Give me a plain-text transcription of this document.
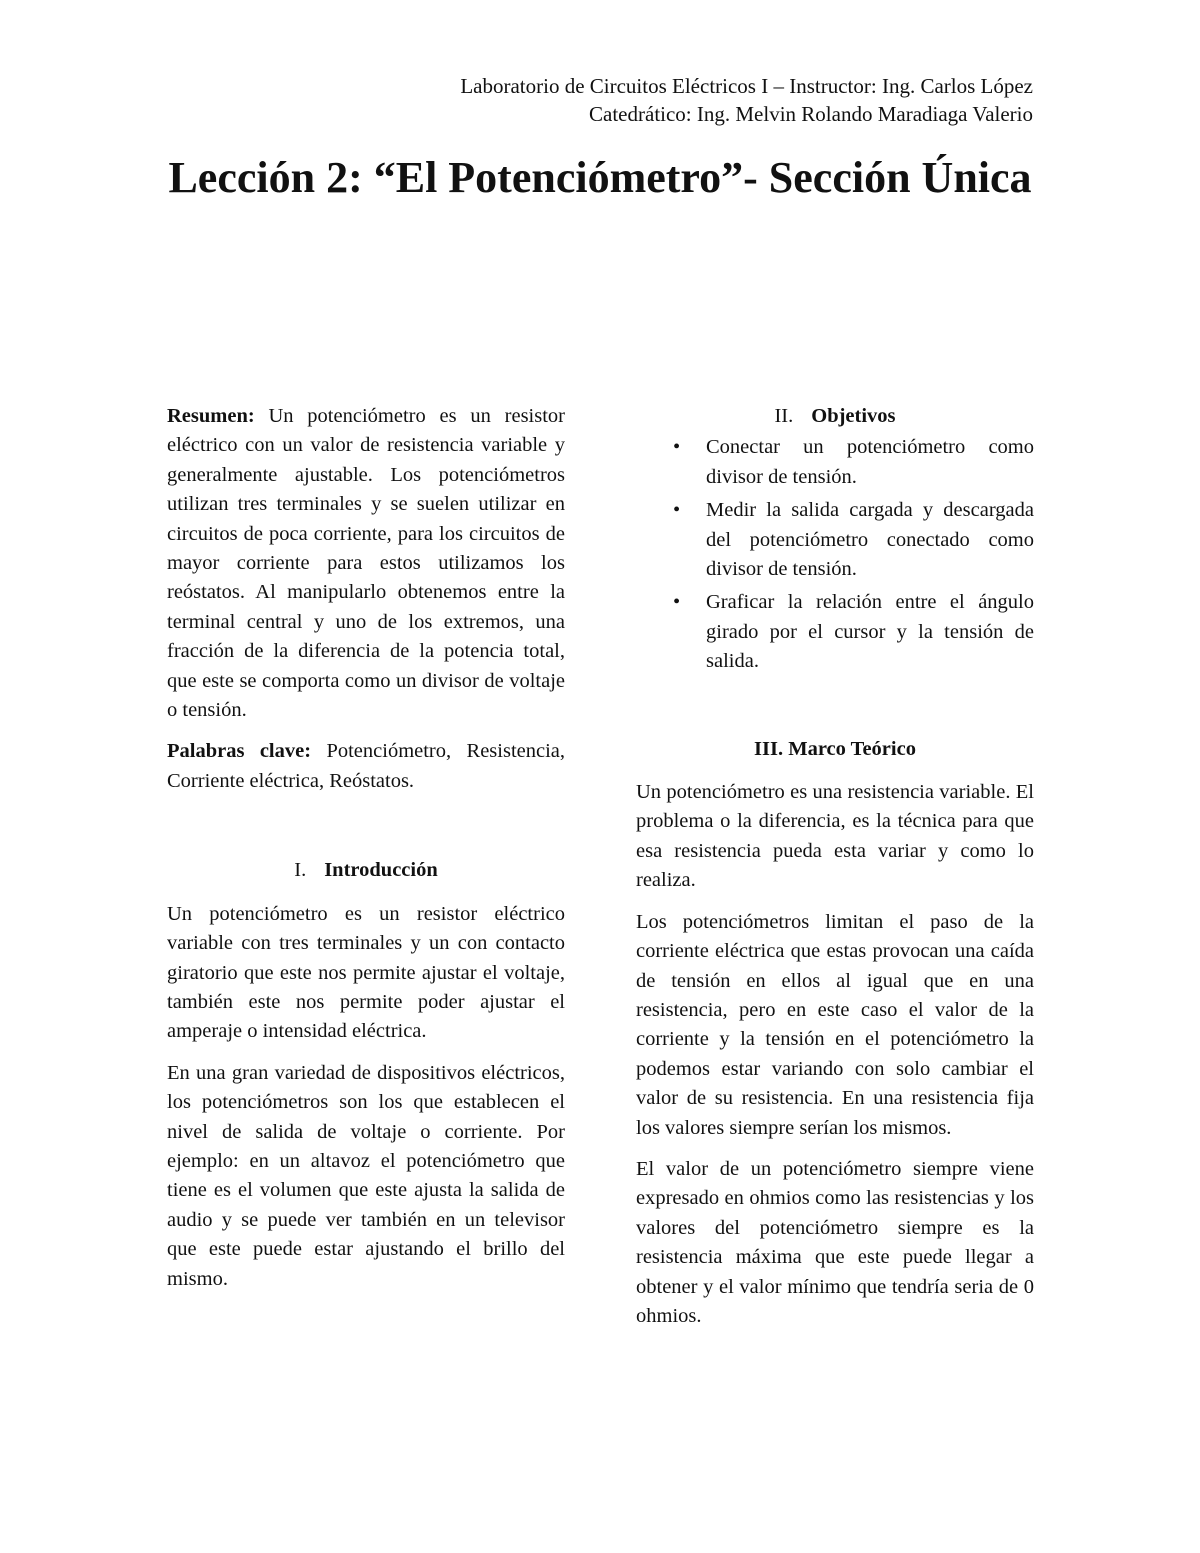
Laboratorio de Circuitos Eléctricos I – Instructor: Ing. Carlos López
Catedrático: Ing. Melvin Rolando Maradiaga Valerio
Lección 2: “El Potenciómetro”- Sección Única

Resumen: Un potenciómetro es un resistor eléctrico con un valor de resistencia variable y generalmente ajustable. Los potenciómetros utilizan tres terminales y se suelen utilizar en circuitos de poca corriente, para los circuitos de mayor corriente para estos utilizamos los reóstatos. Al manipularlo obtenemos entre la terminal central y uno de los extremos, una fracción de la diferencia de la potencia total, que este se comporta como un divisor de voltaje o tensión.

Palabras clave: Potenciómetro, Resistencia, Corriente eléctrica, Reóstatos.

I. Introducción

Un potenciómetro es un resistor eléctrico variable con tres terminales y un con contacto giratorio que este nos permite ajustar el voltaje, también este nos permite poder ajustar el amperaje o intensidad eléctrica.

En una gran variedad de dispositivos eléctricos, los potenciómetros son los que establecen el nivel de salida de voltaje o corriente. Por ejemplo: en un altavoz el potenciómetro que tiene es el volumen que este ajusta la salida de audio y se puede ver también en un televisor que este puede estar ajustando el brillo del mismo.

II. Objetivos
• Conectar un potenciómetro como divisor de tensión.
• Medir la salida cargada y descargada del potenciómetro conectado como divisor de tensión.
• Graficar la relación entre el ángulo girado por el cursor y la tensión de salida.
III. Marco Teórico

Un potenciómetro es una resistencia variable. El problema o la diferencia, es la técnica para que esa resistencia pueda esta variar y como lo realiza.

Los potenciómetros limitan el paso de la corriente eléctrica que estas provocan una caída de tensión en ellos al igual que en una resistencia, pero en este caso el valor de la corriente y la tensión en el potenciómetro la podemos estar variando con solo cambiar el valor de su resistencia. En una resistencia fija los valores siempre serían los mismos.

El valor de un potenciómetro siempre viene expresado en ohmios como las resistencias y los valores del potenciómetro siempre es la resistencia máxima que este puede llegar a obtener y el valor mínimo que tendría seria de 0 ohmios.
